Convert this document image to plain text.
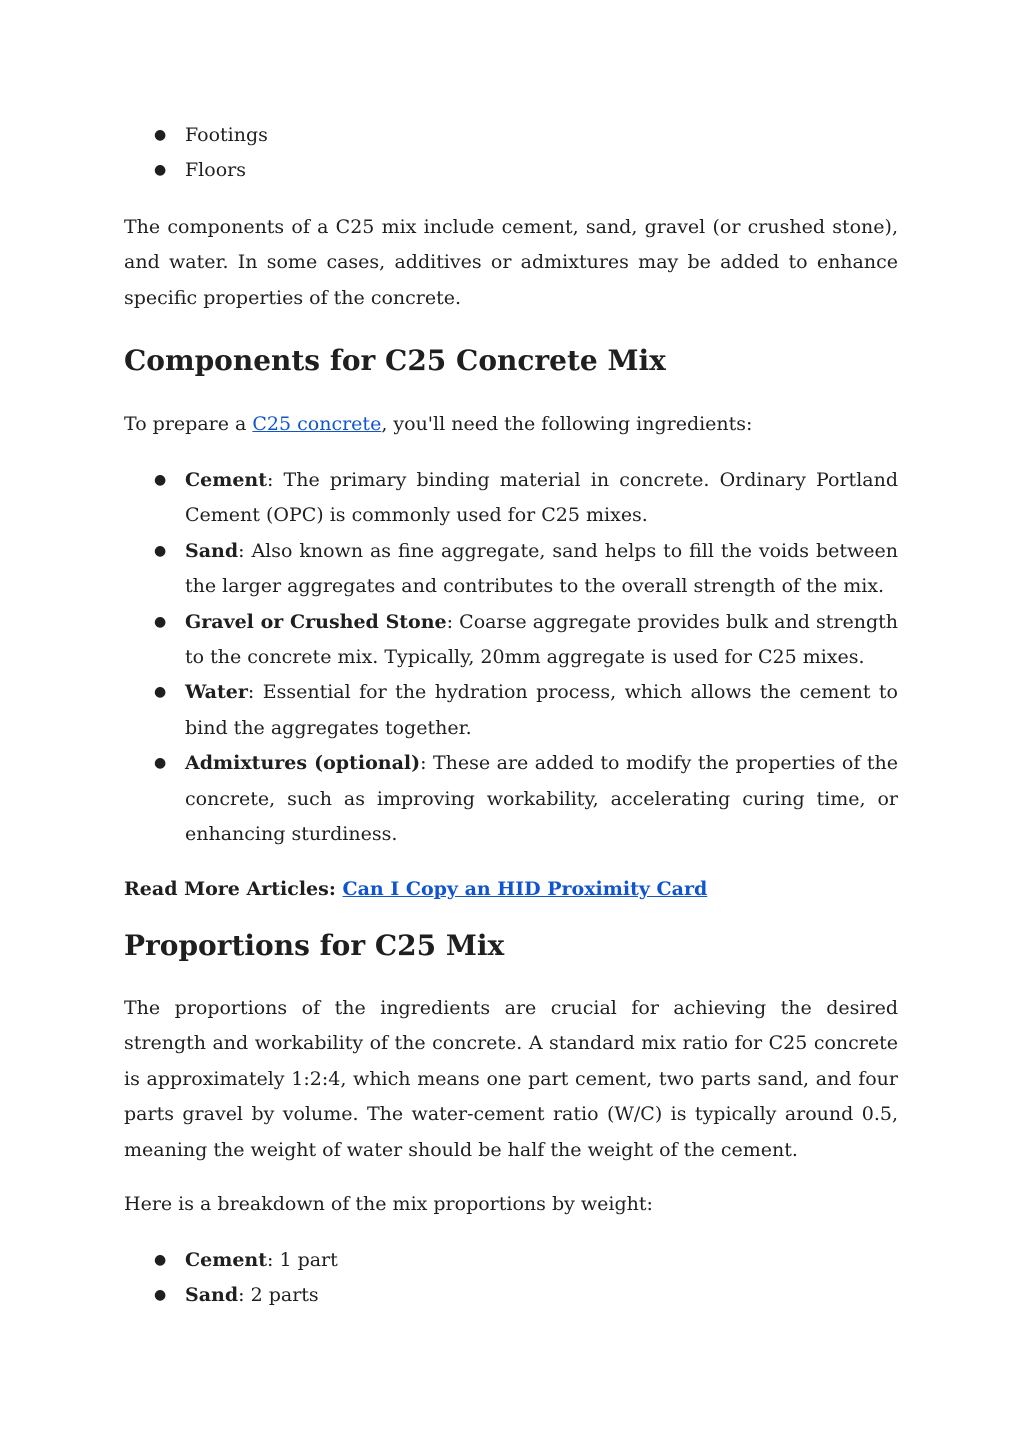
● Footings
● Floors

The components of a C25 mix include cement, sand, gravel (or crushed stone), and water. In some cases, additives or admixtures may be added to enhance specific properties of the concrete.

Components for C25 Concrete Mix

To prepare a C25 concrete, you'll need the following ingredients:

● Cement: The primary binding material in concrete. Ordinary Portland Cement (OPC) is commonly used for C25 mixes.
● Sand: Also known as fine aggregate, sand helps to fill the voids between the larger aggregates and contributes to the overall strength of the mix.
● Gravel or Crushed Stone: Coarse aggregate provides bulk and strength to the concrete mix. Typically, 20mm aggregate is used for C25 mixes.
● Water: Essential for the hydration process, which allows the cement to bind the aggregates together.
● Admixtures (optional): These are added to modify the properties of the concrete, such as improving workability, accelerating curing time, or enhancing sturdiness.

Read More Articles: Can I Copy an HID Proximity Card

Proportions for C25 Mix

The proportions of the ingredients are crucial for achieving the desired strength and workability of the concrete. A standard mix ratio for C25 concrete is approximately 1:2:4, which means one part cement, two parts sand, and four parts gravel by volume. The water-cement ratio (W/C) is typically around 0.5, meaning the weight of water should be half the weight of the cement.

Here is a breakdown of the mix proportions by weight:

● Cement: 1 part
● Sand: 2 parts
